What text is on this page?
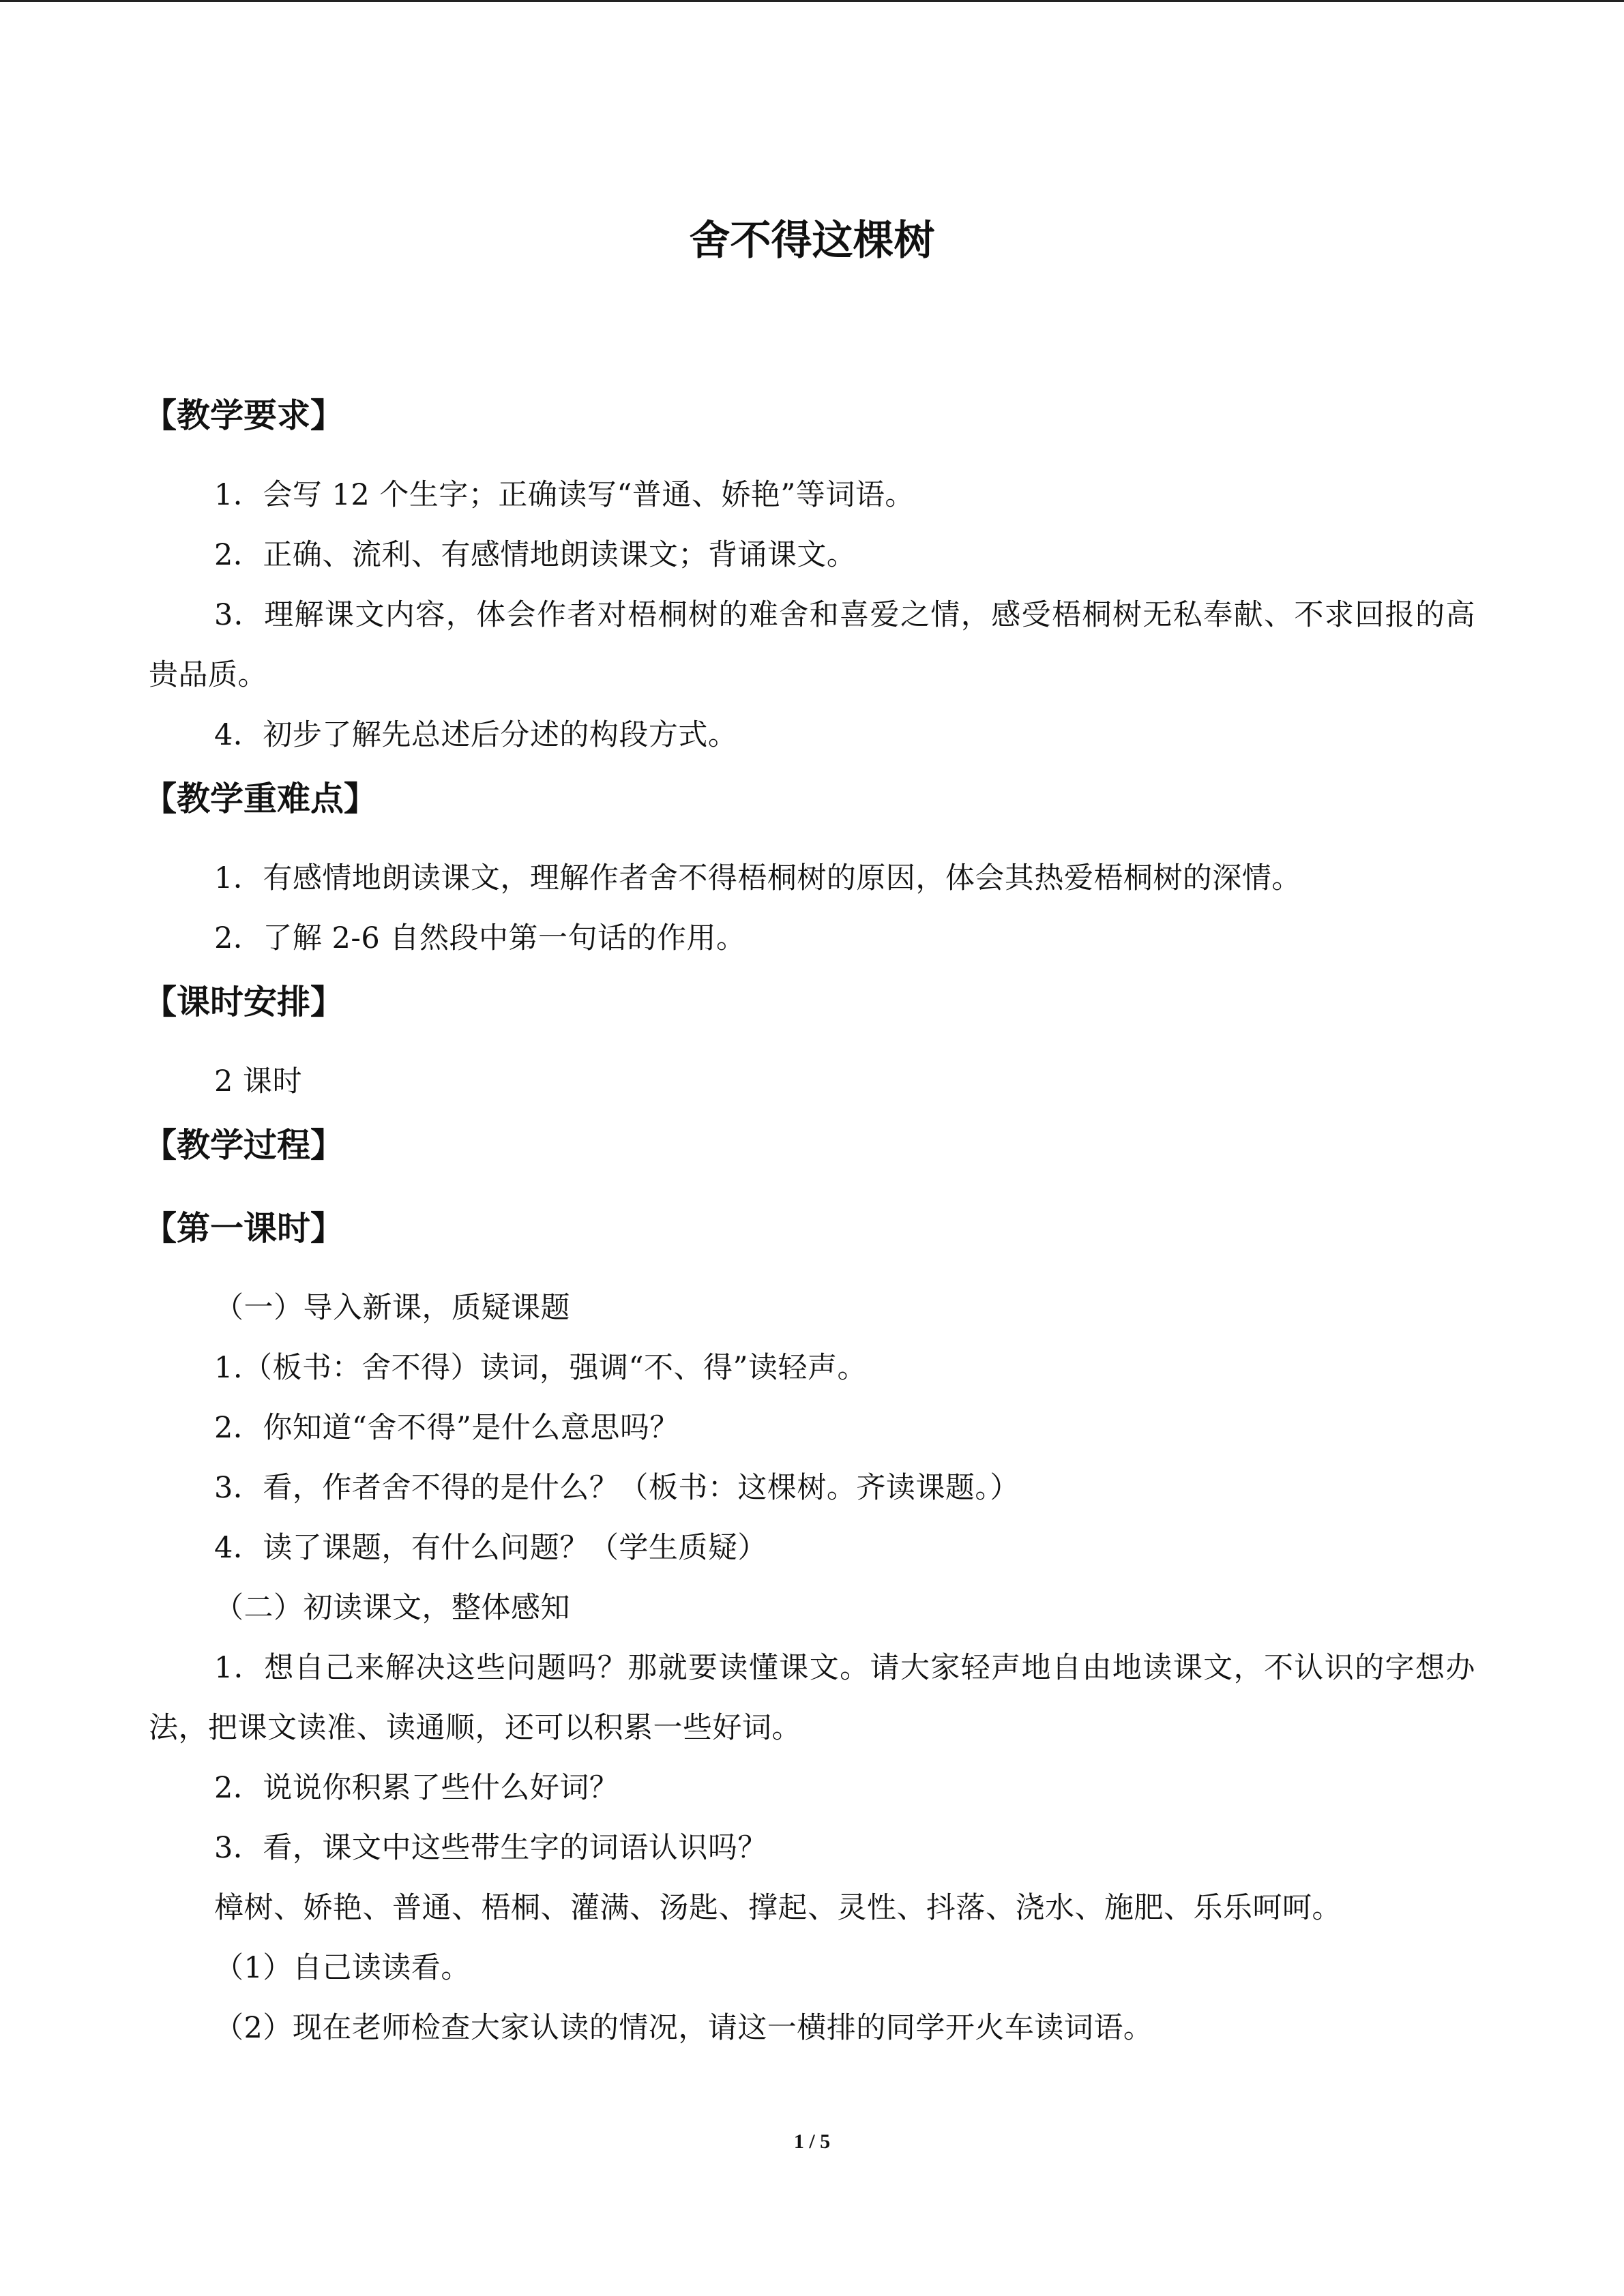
舍不得这棵树
【教学要求】
1．会写 12 个生字；正确读写“普通、娇艳”等词语。
2．正确、流利、有感情地朗读课文；背诵课文。
3．理解课文内容，体会作者对梧桐树的难舍和喜爱之情，感受梧桐树无私奉献、不求回报的高贵品质。
4．初步了解先总述后分述的构段方式。
【教学重难点】
1．有感情地朗读课文，理解作者舍不得梧桐树的原因，体会其热爱梧桐树的深情。
2．了解 2-6 自然段中第一句话的作用。
【课时安排】
2 课时
【教学过程】
【第一课时】
（一）导入新课，质疑课题
1.（板书：舍不得）读词，强调“不、得”读轻声。
2．你知道“舍不得”是什么意思吗？
3．看，作者舍不得的是什么？（板书：这棵树。齐读课题。）
4．读了课题，有什么问题？（学生质疑）
（二）初读课文，整体感知
1．想自己来解决这些问题吗？那就要读懂课文。请大家轻声地自由地读课文，不认识的字想办法，把课文读准、读通顺，还可以积累一些好词。
2．说说你积累了些什么好词？
3．看，课文中这些带生字的词语认识吗？
樟树、娇艳、普通、梧桐、灌满、汤匙、撑起、灵性、抖落、浇水、施肥、乐乐呵呵。
（1）自己读读看。
（2）现在老师检查大家认读的情况，请这一横排的同学开火车读词语。
1 / 5
